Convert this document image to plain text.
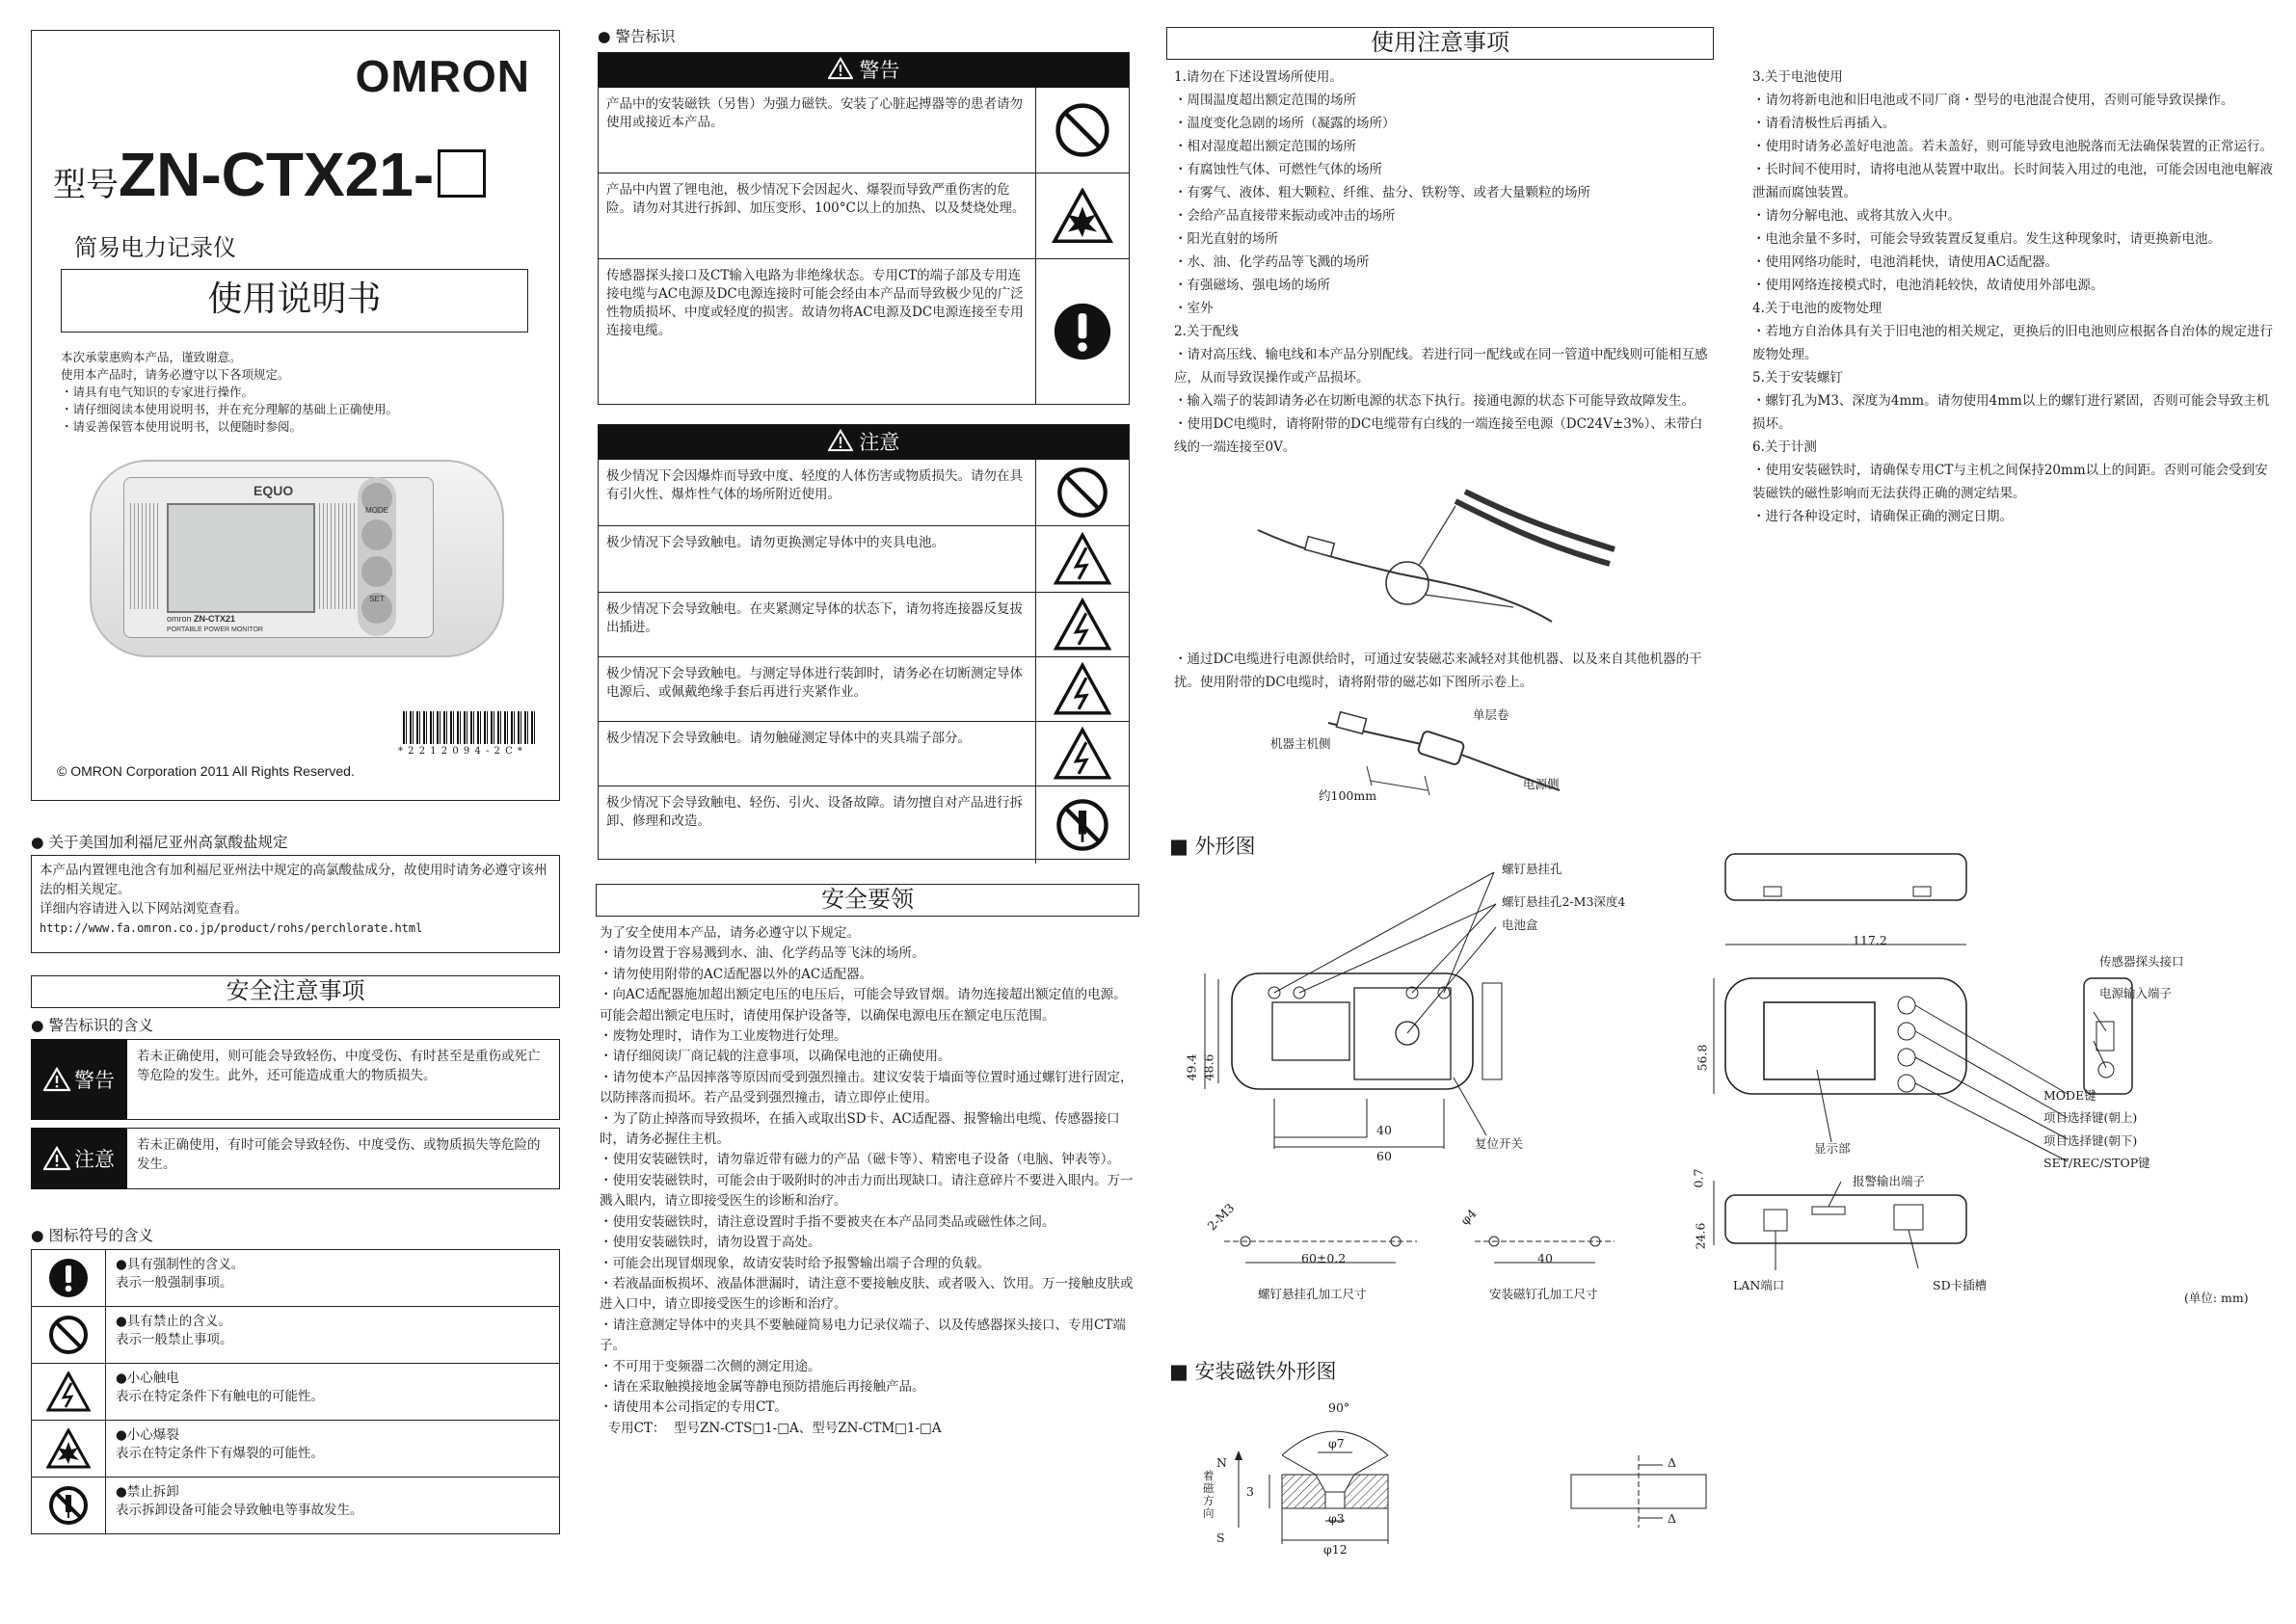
OMRON
型号ZN-CTX21-
简易电力记录仪
使用说明书
本次承蒙惠购本产品，谨致谢意。
使用本产品时，请务必遵守以下各项规定。
・请具有电气知识的专家进行操作。
・请仔细阅读本使用说明书，并在充分理解的基础上正确使用。
・请妥善保管本使用说明书，以便随时参阅。
EQUO
omron ZN-CTX21
PORTABLE POWER MONITOR
MODE
SET
* 2 2 1 2 0 9 4 - 2 C *
© OMRON Corporation 2011 All Rights Reserved.
● 关于美国加利福尼亚州高氯酸盐规定
本产品内置锂电池含有加利福尼亚州法中规定的高氯酸盐成分，故使用时请务必遵守该州法的相关规定。
详细内容请进入以下网站浏览查看。
http://www.fa.omron.co.jp/product/rohs/perchlorate.html
安全注意事项
● 警告标识的含义
警告
若未正确使用，则可能会导致轻伤、中度受伤、有时甚至是重伤或死亡等危险的发生。此外，还可能造成重大的物质损失。
注意
若未正确使用，有时可能会导致轻伤、中度受伤、或物质损失等危险的发生。
● 图标符号的含义
●具有强制性的含义。
表示一般强制事项。
●具有禁止的含义。
表示一般禁止事项。
●小心触电
表示在特定条件下有触电的可能性。
●小心爆裂
表示在特定条件下有爆裂的可能性。
●禁止拆卸
表示拆卸设备可能会导致触电等事故发生。
● 警告标识
警告
产品中的安装磁铁（另售）为强力磁铁。安装了心脏起搏器等的患者请勿使用或接近本产品。
产品中内置了锂电池，极少情况下会因起火、爆裂而导致严重伤害的危险。请勿对其进行拆卸、加压变形、100°C以上的加热、以及焚烧处理。
传感器探头接口及CT输入电路为非绝缘状态。专用CT的端子部及专用连接电缆与AC电源及DC电源连接时可能会经由本产品而导致极少见的广泛性物质损坏、中度或轻度的损害。故请勿将AC电源及DC电源连接至专用连接电缆。
注意
极少情况下会因爆炸而导致中度、轻度的人体伤害或物质损失。请勿在具有引火性、爆炸性气体的场所附近使用。
极少情况下会导致触电。请勿更换测定导体中的夹具电池。
极少情况下会导致触电。在夹紧测定导体的状态下，请勿将连接器反复拔出插进。
极少情况下会导致触电。与测定导体进行装卸时，请务必在切断测定导体电源后、或佩戴绝缘手套后再进行夹紧作业。
极少情况下会导致触电。请勿触碰测定导体中的夹具端子部分。
极少情况下会导致触电、轻伤、引火、设备故障。请勿擅自对产品进行拆卸、修理和改造。
安全要领
为了安全使用本产品，请务必遵守以下规定。
・请勿设置于容易溅到水、油、化学药品等飞沫的场所。
・请勿使用附带的AC适配器以外的AC适配器。
・向AC适配器施加超出额定电压的电压后，可能会导致冒烟。请勿连接超出额定值的电源。可能会超出额定电压时，请使用保护设备等，以确保电源电压在额定电压范围。
・废物处理时，请作为工业废物进行处理。
・请仔细阅读厂商记载的注意事项，以确保电池的正确使用。
・请勿使本产品因摔落等原因而受到强烈撞击。建议安装于墙面等位置时通过螺钉进行固定，以防摔落而损坏。若产品受到强烈撞击，请立即停止使用。
・为了防止掉落而导致损坏，在插入或取出SD卡、AC适配器、报警输出电缆、传感器接口时，请务必握住主机。
・使用安装磁铁时，请勿靠近带有磁力的产品（磁卡等）、精密电子设备（电脑、钟表等）。
・使用安装磁铁时，可能会由于吸附时的冲击力而出现缺口。请注意碎片不要进入眼内。万一溅入眼内，请立即接受医生的诊断和治疗。
・使用安装磁铁时，请注意设置时手指不要被夹在本产品同类品或磁性体之间。
・使用安装磁铁时，请勿设置于高处。
・可能会出现冒烟现象，故请安装时给予报警输出端子合理的负载。
・若液晶面板损坏、液晶体泄漏时，请注意不要接触皮肤、或者吸入、饮用。万一接触皮肤或进入口中，请立即接受医生的诊断和治疗。
・请注意测定导体中的夹具不要触碰简易电力记录仪端子、以及传感器探头接口、专用CT端子。
・不可用于变频器二次侧的测定用途。
・请在采取触摸接地金属等静电预防措施后再接触产品。
・请使用本公司指定的专用CT。
专用CT：  型号ZN-CTS□1-□A、型号ZN-CTM□1-□A
使用注意事项
1.请勿在下述设置场所使用。
・周围温度超出额定范围的场所
・温度变化急剧的场所（凝露的场所）
・相对湿度超出额定范围的场所
・有腐蚀性气体、可燃性气体的场所
・有雾气、液体、粗大颗粒、纤维、盐分、铁粉等、或者大量颗粒的场所
・会给产品直接带来振动或冲击的场所
・阳光直射的场所
・水、油、化学药品等飞溅的场所
・有强磁场、强电场的场所
・室外
2.关于配线
・请对高压线、输电线和本产品分别配线。若进行同一配线或在同一管道中配线则可能相互感应，从而导致误操作或产品损坏。
・输入端子的装卸请务必在切断电源的状态下执行。接通电源的状态下可能导致故障发生。
・使用DC电缆时，请将附带的DC电缆带有白线的一端连接至电源（DC24V±3%）、未带白线的一端连接至0V。
・通过DC电缆进行电源供给时，可通过安装磁芯来减轻对其他机器、以及来自其他机器的干扰。使用附带的DC电缆时，请将附带的磁芯如下图所示卷上。
机器主机侧
单层卷
电源侧
约100mm
3.关于电池使用
・请勿将新电池和旧电池或不同厂商・型号的电池混合使用，否则可能导致误操作。
・请看清极性后再插入。
・使用时请务必盖好电池盖。若未盖好，则可能导致电池脱落而无法确保装置的正常运行。
・长时间不使用时，请将电池从装置中取出。长时间装入用过的电池，可能会因电池电解液泄漏而腐蚀装置。
・请勿分解电池、或将其放入火中。
・电池余量不多时，可能会导致装置反复重启。发生这种现象时，请更换新电池。
・使用网络功能时，电池消耗快，请使用AC适配器。
・使用网络连接模式时，电池消耗较快，故请使用外部电源。
4.关于电池的废物处理
・若地方自治体具有关于旧电池的相关规定，更换后的旧电池则应根据各自治体的规定进行废物处理。
5.关于安装螺钉
・螺钉孔为M3、深度为4mm。请勿使用4mm以上的螺钉进行紧固，否则可能会导致主机损坏。
6.关于计测
・使用安装磁铁时，请确保专用CT与主机之间保持20mm以上的间距。否则可能会受到安装磁铁的磁性影响而无法获得正确的测定结果。
・进行各种设定时，请确保正确的测定日期。
■ 外形图
螺钉悬挂孔
螺钉悬挂孔2-M3深度4
电池盒
复位开关
40
60
49.4 48.6
2-M3	φ4
60±0.2	40
螺钉悬挂孔加工尺寸	安装磁钉孔加工尺寸
117.2
56.8
0.7
24.6
传感器探头接口
电源输入端子
MODE键
项目选择键(朝上)
项目选择键(朝下)
SET/REC/STOP键
显示部
报警输出端子
LAN端口	SD卡插槽
(单位: mm)
■ 安装磁铁外形图
90°
φ7
φ3
φ12
3
N
S
着磁方向
Δ
Δ
